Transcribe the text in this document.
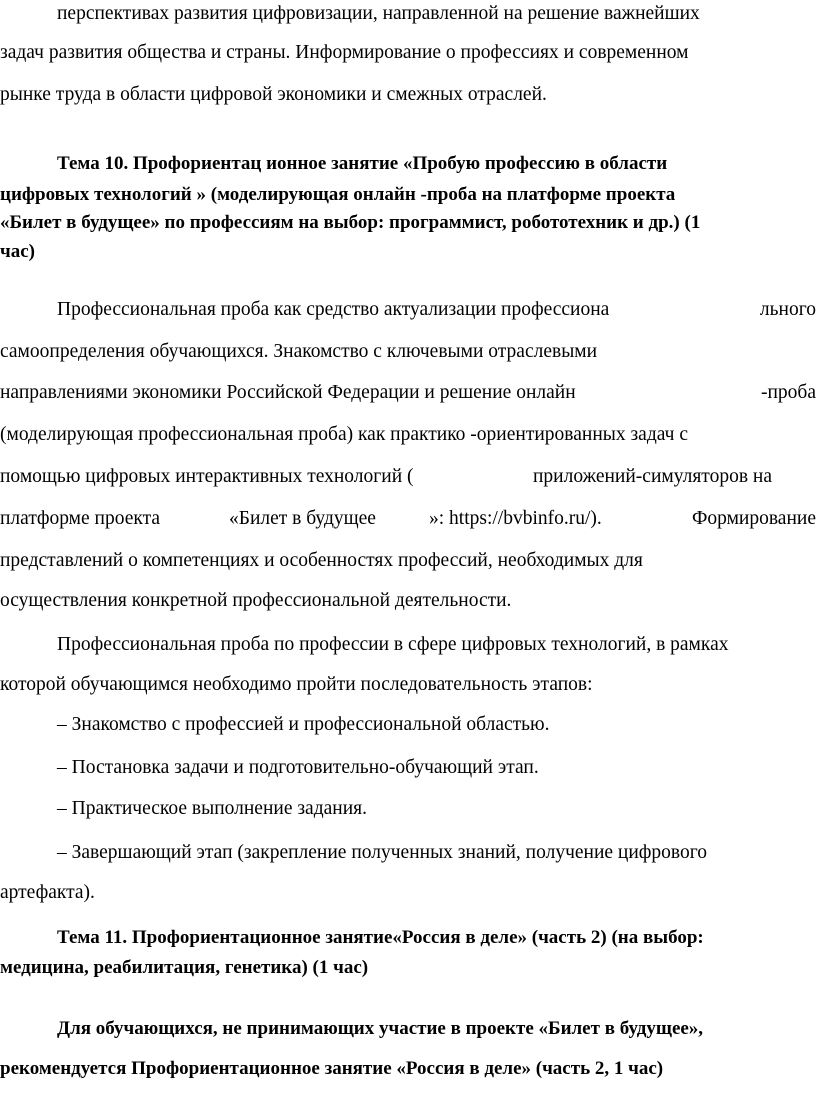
перспективах развития цифровизации, направленной на решение важнейших
задач развития общества и страны. Информирование о профессиях и современном
рынке труда в области цифровой экономики и смежных отраслей.
Тема 10. Профориентац ионное занятие «Пробую профессию в области
цифровых технологий » (моделирующая онлайн -проба на платформе проекта
«Билет в будущее» по профессиям на выбор: программист, робототехник и др.) (1
час)
Профессиональная проба как средство актуализации профессиона	льного
самоопределения обучающихся. Знакомство с ключевыми отраслевыми
направлениями экономики Российской Федерации и решение онлайн	-проба
(моделирующая профессиональная проба) как практико -ориентированных задач с
помощью цифровых интерактивных технологий (	приложений-симуляторов на
платформе проекта	«Билет в будущее	»: https://bvbinfo.ru/).	Формирование
представлений о компетенциях и особенностях профессий, необходимых для
осуществления конкретной профессиональной деятельности.
Профессиональная проба по профессии в сфере цифровых технологий, в рамках
которой обучающимся необходимо пройти последовательность этапов:
– Знакомство с профессией и профессиональной областью.
– Постановка задачи и подготовительно-обучающий этап.
– Практическое выполнение задания.
– Завершающий этап (закрепление полученных знаний, получение цифрового
артефакта).
Тема 11. Профориентационное занятие«Россия в деле» (часть 2) (на выбор:
медицина, реабилитация, генетика) (1 час)
Для обучающихся, не принимающих участие в проекте «Билет в будущее»,
рекомендуется Профориентационное занятие «Россия в деле» (часть 2, 1 час)
